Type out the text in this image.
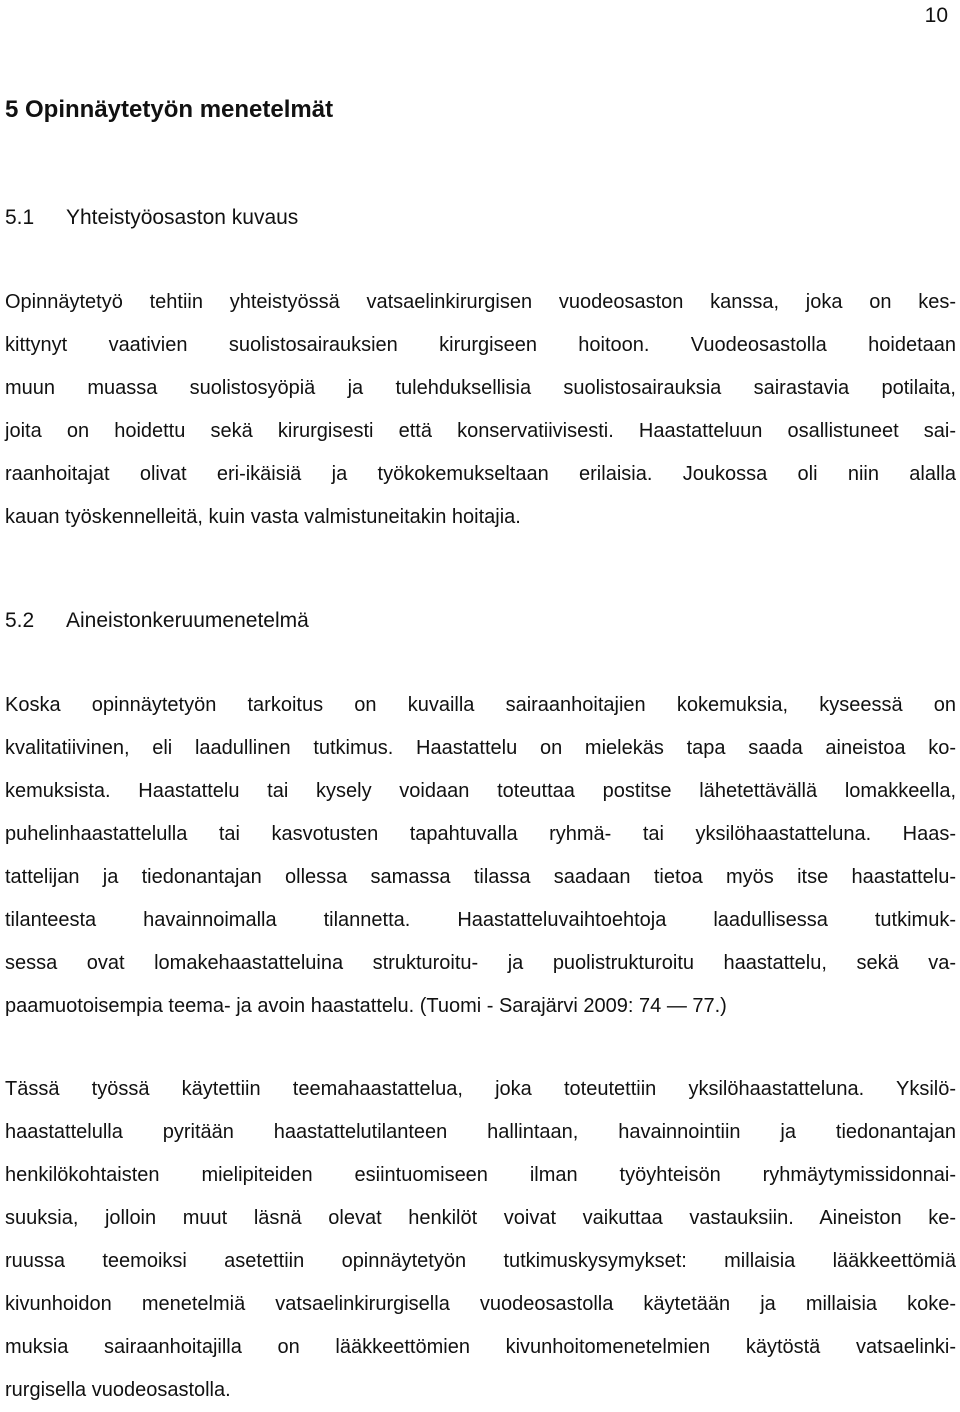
10
5 Opinnäytetyön menetelmät
5.1 Yhteistyöosaston kuvaus
Opinnäytetyö tehtiin yhteistyössä vatsaelinkirurgisen vuodeosaston kanssa, joka on kes-
kittynyt vaativien suolistosairauksien kirurgiseen hoitoon. Vuodeosastolla hoidetaan
muun muassa suolistosyöpiä ja tulehduksellisia suolistosairauksia sairastavia potilaita,
joita on hoidettu sekä kirurgisesti että konservatiivisesti. Haastatteluun osallistuneet sai-
raanhoitajat olivat eri-ikäisiä ja työkokemukseltaan erilaisia. Joukossa oli niin alalla
kauan työskennelleitä, kuin vasta valmistuneitakin hoitajia.
5.2 Aineistonkeruumenetelmä
Koska opinnäytetyön tarkoitus on kuvailla sairaanhoitajien kokemuksia, kyseessä on
kvalitatiivinen, eli laadullinen tutkimus. Haastattelu on mielekäs tapa saada aineistoa ko-
kemuksista. Haastattelu tai kysely voidaan toteuttaa postitse lähetettävällä lomakkeella,
puhelinhaastattelulla tai kasvotusten tapahtuvalla ryhmä- tai yksilöhaastatteluna. Haas-
tattelijan ja tiedonantajan ollessa samassa tilassa saadaan tietoa myös itse haastattelu-
tilanteesta havainnoimalla tilannetta. Haastatteluvaihtoehtoja laadullisessa tutkimuk-
sessa ovat lomakehaastatteluina strukturoitu- ja puolistrukturoitu haastattelu, sekä va-
paamuotoisempia teema- ja avoin haastattelu. (Tuomi - Sarajärvi 2009: 74 — 77.)
Tässä työssä käytettiin teemahaastattelua, joka toteutettiin yksilöhaastatteluna. Yksilö-
haastattelulla pyritään haastattelutilanteen hallintaan, havainnointiin ja tiedonantajan
henkilökohtaisten mielipiteiden esiintuomiseen ilman työyhteisön ryhmäytymissidonnai-
suuksia, jolloin muut läsnä olevat henkilöt voivat vaikuttaa vastauksiin. Aineiston ke-
ruussa teemoiksi asetettiin opinnäytetyön tutkimuskysymykset: millaisia lääkkeettömiä
kivunhoidon menetelmiä vatsaelinkirurgisella vuodeosastolla käytetään ja millaisia koke-
muksia sairaanhoitajilla on lääkkeettömien kivunhoitomenetelmien käytöstä vatsaelinki-
rurgisella vuodeosastolla.
